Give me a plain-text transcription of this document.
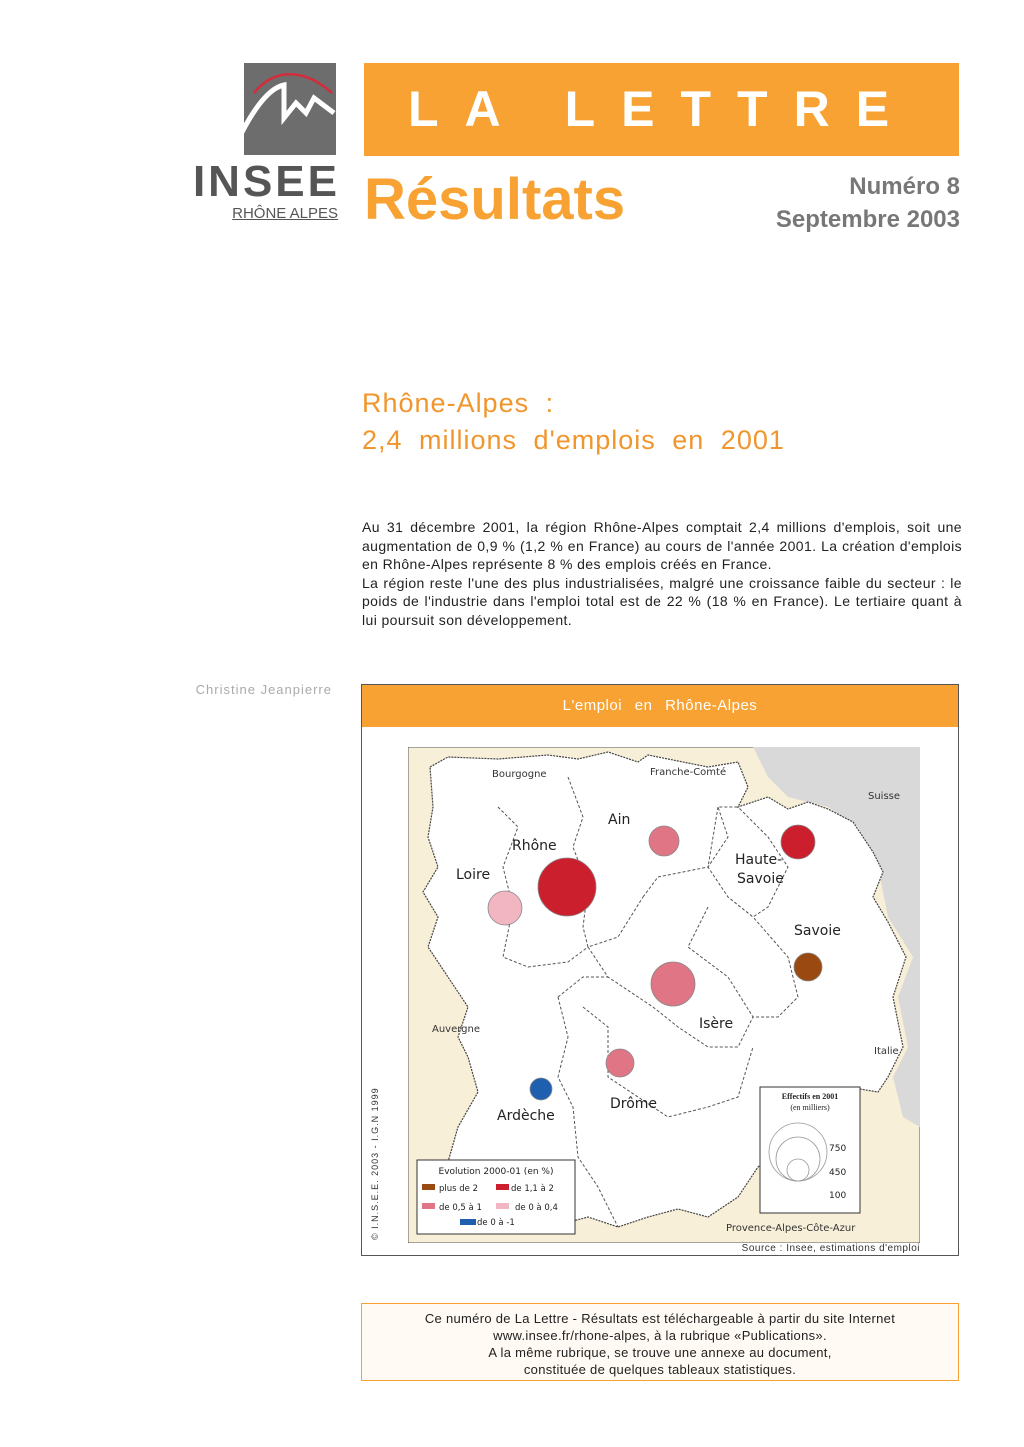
INSEE
RHÔNE ALPES
LA LETTRE
Résultats	Numéro 8
Septembre 2003
Rhône-Alpes :
2,4 millions d'emplois en 2001

Au 31 décembre 2001, la région Rhône-Alpes comptait 2,4 millions d'emplois, soit une augmentation de 0,9 % (1,2 % en France) au cours de l'année 2001. La création d'emplois en Rhône-Alpes représente 8 % des emplois créés en France.

La région reste l'une des plus industrialisées, malgré une croissance faible du secteur : le poids de l'industrie dans l'emploi total est de 22 % (18 % en France). Le tertiaire quant à lui poursuit son développement.

Christine Jeanpierre
L'emploi en Rhône-Alpes
© I.N.S.E.E. 2003 - I.G.N 1999
Bourgogne	Franche-Comté
Suisse
Auvergne
Italie
Provence-Alpes-Côte-Azur
Ain
Rhône
Loire
Haute-
Savoie
Savoie
Isère
Drôme
Ardèche
Effectifs en 2001
(en milliers)
750
450
100
Evolution 2000-01 (en %)
plus de 2	de 1,1 à 2
de 0,5 à 1	de 0 à 0,4
de 0 à -1
Source : Insee, estimations d'emploi
Ce numéro de La Lettre - Résultats est téléchargeable à partir du site Internet
www.insee.fr/rhone-alpes, à la rubrique «Publications».
A la même rubrique, se trouve une annexe au document,
constituée de quelques tableaux statistiques.
